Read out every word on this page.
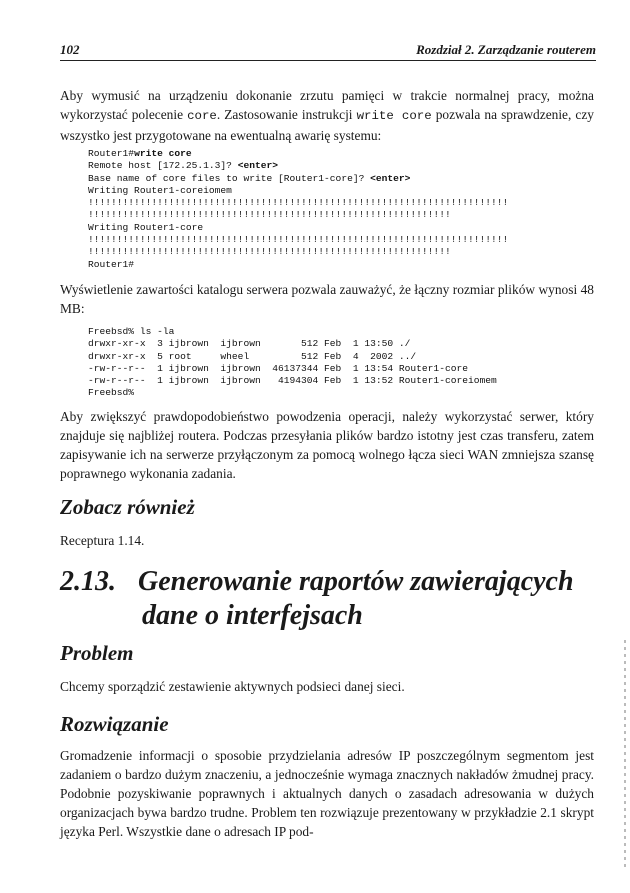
102	Rozdział 2. Zarządzanie routerem

Aby wymusić na urządzeniu dokonanie zrzutu pamięci w trakcie normalnej pracy, można wykorzystać polecenie core. Zastosowanie instrukcji write core pozwala na sprawdzenie, czy wszystko jest przygotowane na ewentualną awarię systemu:

Router1#write core
Remote host [172.25.1.3]? <enter>
Base name of core files to write [Router1-core]? <enter>
Writing Router1-coreiomem
!!!!!!!!!!!!!!!!!!!!!!!!!!!!!!!!!!!!!!!!!!!!!!!!!!!!!!!!!!!!!!!!!!!!!!!!!
!!!!!!!!!!!!!!!!!!!!!!!!!!!!!!!!!!!!!!!!!!!!!!!!!!!!!!!!!!!!!!!
Writing Router1-core
!!!!!!!!!!!!!!!!!!!!!!!!!!!!!!!!!!!!!!!!!!!!!!!!!!!!!!!!!!!!!!!!!!!!!!!!!
!!!!!!!!!!!!!!!!!!!!!!!!!!!!!!!!!!!!!!!!!!!!!!!!!!!!!!!!!!!!!!!
Router1#

Wyświetlenie zawartości katalogu serwera pozwala zauważyć, że łączny rozmiar plików wynosi 48 MB:

Freebsd% ls -la
drwxr-xr-x  3 ijbrown  ijbrown       512 Feb  1 13:50 ./
drwxr-xr-x  5 root     wheel         512 Feb  4  2002 ../
-rw-r--r--  1 ijbrown  ijbrown  46137344 Feb  1 13:54 Router1-core
-rw-r--r--  1 ijbrown  ijbrown   4194304 Feb  1 13:52 Router1-coreiomem
Freebsd%

Aby zwiększyć prawdopodobieństwo powodzenia operacji, należy wykorzystać serwer, który znajduje się najbliżej routera. Podczas przesyłania plików bardzo istotny jest czas transferu, zatem zapisywanie ich na serwerze przyłączonym za pomocą wolnego łącza sieci WAN zmniejsza szansę poprawnego wykonania zadania.

Zobacz również

Receptura 1.14.

2.13. Generowanie raportów zawierających
dane o interfejsach
Problem

Chcemy sporządzić zestawienie aktywnych podsieci danej sieci.

Rozwiązanie

Gromadzenie informacji o sposobie przydzielania adresów IP poszczególnym segmentom jest zadaniem o bardzo dużym znaczeniu, a jednocześnie wymaga znacznych nakładów żmudnej pracy. Podobnie pozyskiwanie poprawnych i aktualnych danych o zasadach adresowania w dużych organizacjach bywa bardzo trudne. Problem ten rozwiązuje prezentowany w przykładzie 2.1 skrypt języka Perl. Wszystkie dane o adresach IP pod-
